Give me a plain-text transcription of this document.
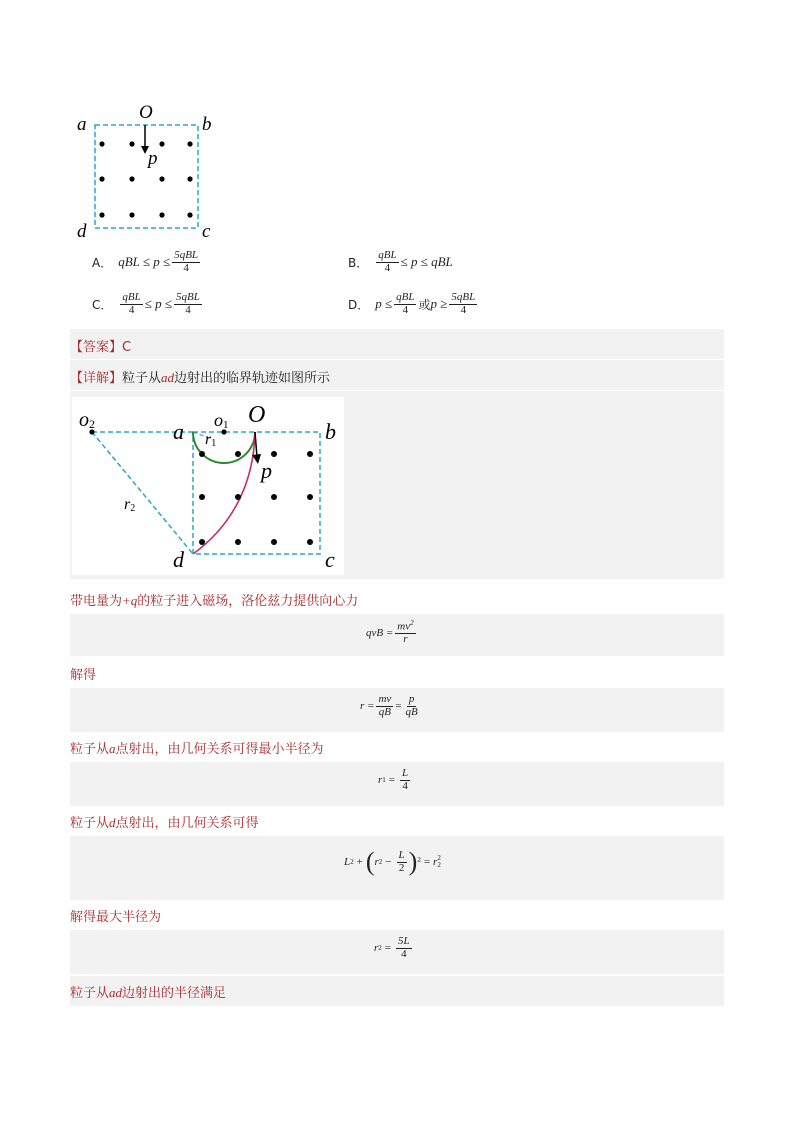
a	b
c
d
O
p
A． qBL ≤ $p \le \frac{\text{5qBL}}{4}$	B． $\frac{\text{qBL}}{4} \le p$ ≤ qBL
C． $\frac{\text{qBL}}{4} \le p \le \frac{\text{5qBL}}{4}$	D． $p \le \frac{\text{qBL}}{4}$ 或 $p \ge \frac{\text{5qBL}}{4}$
【答案】C
【详解】粒子从ad边射出的临界轨迹如图所示
o2	a o1 O
b
r1
p
r2
d	c
带电量为+q的粒子进入磁场，洛伦兹力提供向心力
qvB = $\frac{mv^2}{r}$
解得
$r = \frac{mv}{qB} = \frac{p}{qB}$
粒子从a点射出，由几何关系可得最小半径为
r $1 = \frac{L}{4}$
粒子从d点射出，由几何关系可得
L 2 + ( r $2 - \frac{L}{2}$ ) 2 = r 2
2
解得最大半径为
r $2 = \frac{5L}{4}$
粒子从ad边射出的半径满足
